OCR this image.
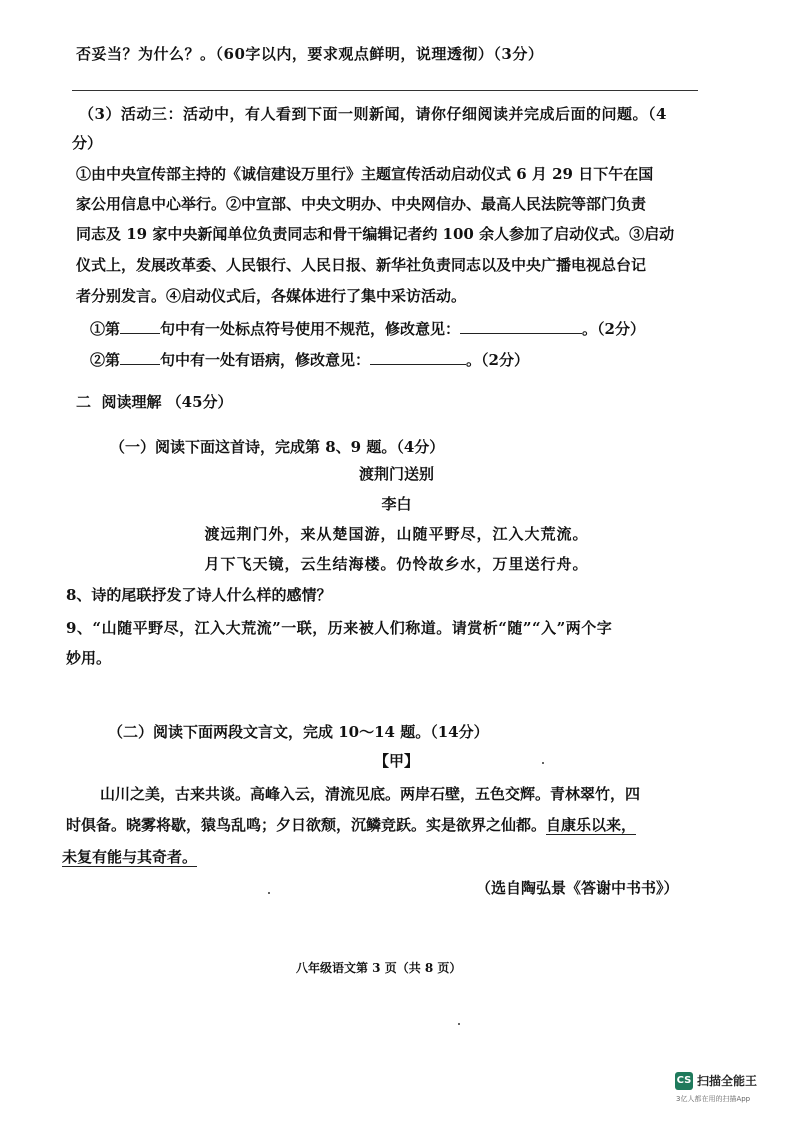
否妥当？为什么？。（60字以内，要求观点鲜明，说理透彻）（3分）
（3）活动三：活动中，有人看到下面一则新闻，请你仔细阅读并完成后面的问题。（4
分）
①由中央宣传部主持的《诚信建设万里行》主题宣传活动启动仪式 6 月 29 日下午在国
家公用信息中心举行。②中宣部、中央文明办、中央网信办、最高人民法院等部门负责
同志及 19 家中央新闻单位负责同志和骨干编辑记者约 100 余人参加了启动仪式。③启动
仪式上，发展改革委、人民银行、人民日报、新华社负责同志以及中央广播电视总台记
者分别发言。④启动仪式后，各媒体进行了集中采访活动。
①第	句中有一处标点符号使用不规范，修改意见：	。（2分）
②第	句中有一处有语病，修改意见：	。（2分）
二  阅读理解 （45分）
（一）阅读下面这首诗，完成第 8、9 题。（4分）
渡荆门送别
李白
渡远荆门外，来从楚国游，山随平野尽，江入大荒流。
月下飞天镜，云生结海楼。仍怜故乡水，万里送行舟。
8、诗的尾联抒发了诗人什么样的感情？
9、“山随平野尽，江入大荒流”一联，历来被人们称道。请赏析“随”“入”两个字
妙用。
（二）阅读下面两段文言文，完成 10～14 题。（14分）
【甲】
山川之美，古来共谈。高峰入云，清流见底。两岸石壁，五色交辉。青林翠竹，四
时俱备。晓雾将歇，猿鸟乱鸣；夕日欲颓，沉鳞竞跃。实是欲界之仙都。自康乐以来，
未复有能与其奇者。
（选自陶弘景《答谢中书书》）
八年级语文第 3 页（共 8 页）
CS 扫描全能王
3亿人都在用的扫描App
